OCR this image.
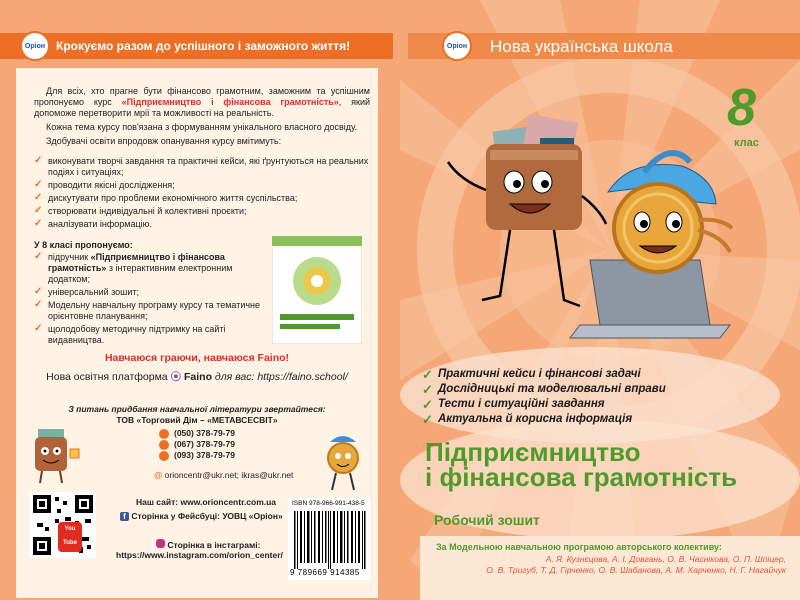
Оріон	Оріон
Крокуємо разом до успішного і заможного життя!	Нова українська школа
Для всіх, хто прагне бути фінансово грамотним, заможним та успішним пропонуємо курс «Підприємництво і фінансова грамотність», який допоможе перетворити мрії та можливості на реальність.
Кожна тема курсу пов'язана з формуванням унікального власного досвіду.
Здобувачі освіти впродовж опанування курсу вмітимуть:
✓ виконувати творчі завдання та практичні кейси, які ґрунтуються на реальних подіях і ситуаціях;
✓ проводити якісні дослідження;
✓ дискутувати про проблеми економічного життя суспільства;
✓ створювати індивідуальні й колективні проєкти;
✓ аналізувати інформацію.
У 8 класі пропонуємо:
✓ підручник «Підприємництво і фінансова грамотність» з інтерактивним електронним додатком;
✓ універсальний зошит;
✓ Модельну навчальну програму курсу та тематичне орієнтовне планування;
✓ щолодобову методичну підтримку на сайті видавництва.
Навчаюся граючи, навчаюся Faino!
Нова освітня платформа ⦿ Faino для вас: https://faino.school/
З питань придбання навчальної літератури звертайтеся:
ТОВ «Торговий Дім – «МЕТАВСЕСВІТ»
(050) 378-79-79
(067) 378-79-79
(093) 378-79-79
@ orioncentr@ukr.net; ikras@ukr.net
You Tube
Наш сайт: www.orioncentr.com.ua
f Сторінка у Фейсбуці: УОВЦ «Оріон»
Сторінка в інстаграмі:
https://www.instagram.com/orion_center/
ISBN 978-966-991-438-5
9 789669 914385
8
клас
✓ Практичні кейси і фінансові задачі
✓ Дослідницькі та моделювальні вправи
✓ Тести і ситуаційні завдання
✓ Актуальна й корисна інформація
Підприємництво
і фінансова грамотність
Робочий зошит
За Модельною навчальною програмою авторського колективу:
А. Я. Кузнєцова, А. І. Довгань, О. В. Часнікова, О. П. Шпіцер,
О. В. Тригуб, Т. Д. Гірченко, О. В. Шабанова, А. М. Харченко, Н. Г. Нагайчук
